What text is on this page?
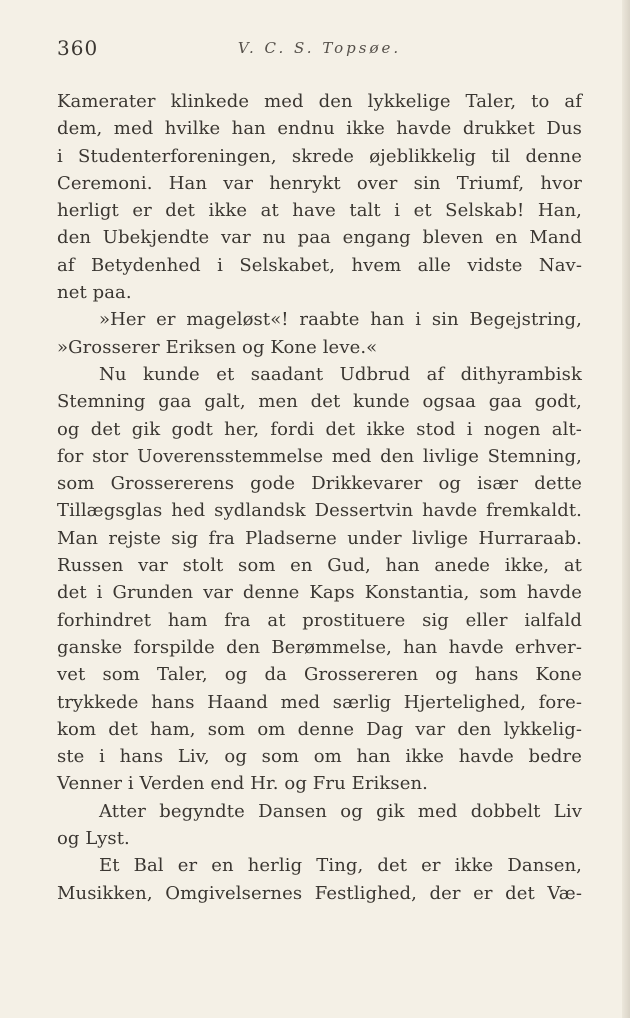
360	V. C. S. Topsøe.
Kamerater klinkede med den lykkelige Taler, to af
dem, med hvilke han endnu ikke havde drukket Dus
i Studenterforeningen, skrede øjeblikkelig til denne
Ceremoni. Han var henrykt over sin Triumf, hvor
herligt er det ikke at have talt i et Selskab! Han,
den Ubekjendte var nu paa engang bleven en Mand
af Betydenhed i Selskabet, hvem alle vidste Nav-
net paa.
»Her er mageløst«! raabte han i sin Begejstring,
»Grosserer Eriksen og Kone leve.«
Nu kunde et saadant Udbrud af dithyrambisk
Stemning gaa galt, men det kunde ogsaa gaa godt,
og det gik godt her, fordi det ikke stod i nogen alt-
for stor Uoverensstemmelse med den livlige Stemning,
som Grossererens gode Drikkevarer og især dette
Tillægsglas hed sydlandsk Dessertvin havde fremkaldt.
Man rejste sig fra Pladserne under livlige Hurraraab.
Russen var stolt som en Gud, han anede ikke, at
det i Grunden var denne Kaps Konstantia, som havde
forhindret ham fra at prostituere sig eller ialfald
ganske forspilde den Berømmelse, han havde erhver-
vet som Taler, og da Grossereren og hans Kone
trykkede hans Haand med særlig Hjertelighed, fore-
kom det ham, som om denne Dag var den lykkelig-
ste i hans Liv, og som om han ikke havde bedre
Venner i Verden end Hr. og Fru Eriksen.
Atter begyndte Dansen og gik med dobbelt Liv
og Lyst.
Et Bal er en herlig Ting, det er ikke Dansen,
Musikken, Omgivelsernes Festlighed, der er det Væ-
